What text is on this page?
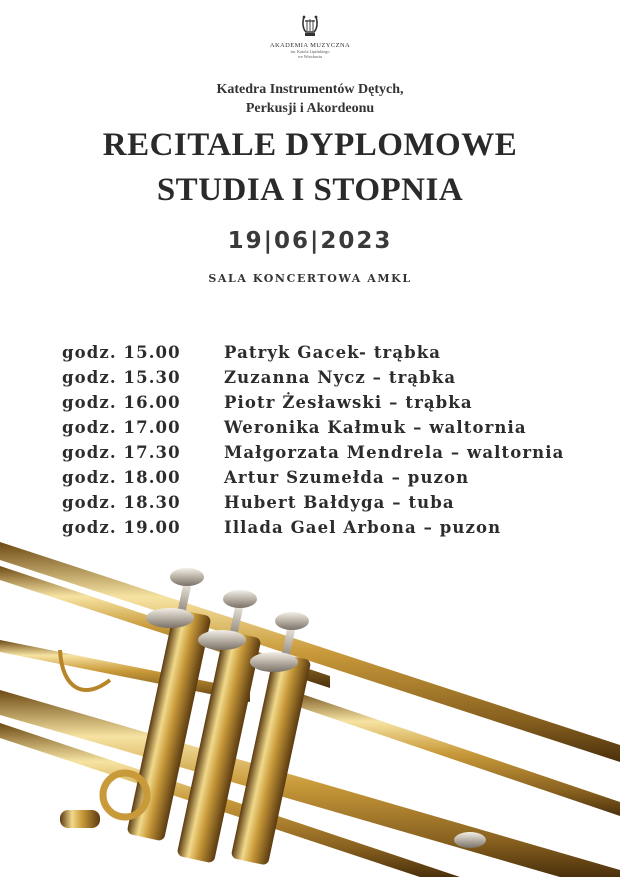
AKADEMIA MUZYCZNA
im. Karola Lipińskiego
we Wrocławiu
Katedra Instrumentów Dętych,
Perkusji i Akordeonu
RECITALE DYPLOMOWE
STUDIA I STOPNIA
19|06|2023
SALA KONCERTOWA AMKL
godz. 15.00	Patryk Gacek- trąbka
godz. 15.30	Zuzanna Nycz – trąbka
godz. 16.00	Piotr Żesławski – trąbka
godz. 17.00	Weronika Kałmuk – waltornia
godz. 17.30	Małgorzata Mendrela – waltornia
godz. 18.00	Artur Szumełda – puzon
godz. 18.30	Hubert Bałdyga – tuba
godz. 19.00	Illada Gael Arbona – puzon
